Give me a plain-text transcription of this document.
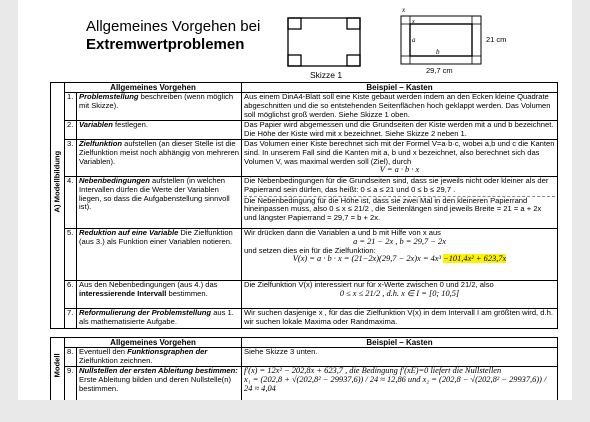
Allgemeines Vorgehen bei
Extremwertproblemen
Skizze 1
x
x
a
b
21 cm
29,7 cm
A) Modellbildung	Allgemeines Vorgehen		Beispiel – Kasten
	1.	Problemstellung beschreiben (wenn möglich mit Skizze).	Aus einem DinA4-Blatt soll eine Kiste gebaut werden indem an den Ecken kleine Quadrate abgeschnitten und die so entstehenden Seitenflächen hoch geklappt werden. Das Volumen soll möglichst groß werden. Siehe Skizze 1 oben.
	2.	Variablen festlegen.	Das Papier wird abgemessen und die Grundseiten der Kiste werden mit a und b bezeichnet. Die Höhe der Kiste wird mit x bezeichnet. Siehe Skizze 2 neben 1.
	3.	Zielfunktion aufstellen (an dieser Stelle ist die Zielfunktion meist noch abhängig von mehreren Variablen).	Das Volumen einer Kiste berechnet sich mit der Formel V=a·b·c, wobei a,b und c die Kanten sind. In unserem Fall sind die Kanten mit a, b und x bezeichnet, also berechnet sich das Volumen V, was maximal werden soll (Ziel), durch
V = a · b · x

	4.	Nebenbedingungen aufstellen (in welchen Intervallen dürfen die Werte der Variablen liegen, so dass die Aufgabenstellung sinnvoll ist).	Die Nebenbedingungen für die Grundseiten sind, dass sie jeweils nicht oder kleiner als der Papierrand sein dürfen, das heißt: 0 ≤ a ≤ 21 und 0 ≤ b ≤ 29,7 .
Die Nebenbedingung für die Höhe ist, dass sie zwei Mal in den kleineren Papierrand hineinpassen muss, also 0 ≤ x ≤ 21/2 , die Seitenlängen sind jeweils Breite = 21 = a + 2x und längster Papierrand = 29,7 = b + 2x.

	5.	Reduktion auf eine Variable Die Zielfunktion (aus 3.) als Funktion einer Variablen notieren.	Wir drücken dann die Variablen a und b mit Hilfe von x aus
a = 21 − 2x , b = 29,7 − 2x
und setzen dies ein für die Zielfunktion:
V(x) = a · b · x = (21−2x)(29,7 − 2x)x = 4x³ −101,4x² + 623,7x

	6.	Aus den Nebenbedingungen (aus 4.) das interessierende Intervall bestimmen.	Die Zielfunktion V(x) interessiert nur für x-Werte zwischen 0 und 21/2, also
0 ≤ x ≤ 21/2 , d.h. x ∈ I = [0; 10,5]

	7.	Reformulierung der Problemstellung aus 1. als mathematisierte Aufgabe.	Wir suchen dasjenige x , für das die Zielfunktion V(x) in dem Intervall I am größten wird, d.h. wir suchen lokale Maxima oder Randmaxima.
Modell	Allgemeines Vorgehen		Beispiel – Kasten
	8.	Eventuell den Funktionsgraphen der Zielfunktion zeichnen.	Siehe Skizze 3 unten.
	9.	Nullstellen der ersten Ableitung bestimmen: Erste Ableitung bilden und deren Nullstelle(n) bestimmen.	f′(x) = 12x² − 202,8x + 623,7 , die Bedingung f′(xE)=0 liefert die Nullstellen
x₁ = (202,8 + √(202,8² − 29937,6)) / 24 ≈ 12,86 und x₂ = (202,8 − √(202,8² − 29937,6)) / 24 ≈ 4,04
